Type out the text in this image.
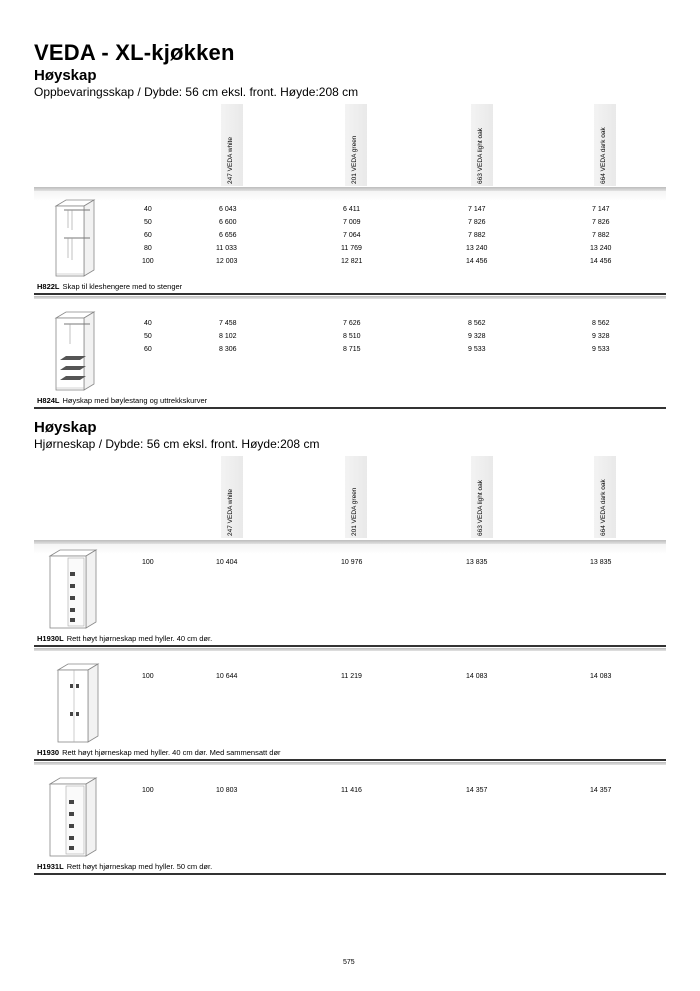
VEDA - XL-kjøkken
Høyskap
Oppbevaringsskap / Dybde: 56 cm eksl. front. Høyde:208 cm
247 VEDA white	201 VEDA green	663 VEDA light oak	664 VEDA dark oak
40	6 043	6 411	7 147	7 147
50	6 600	7 009	7 826	7 826
60	6 656	7 064	7 882	7 882
80	11 033	11 769	13 240	13 240
100	12 003	12 821	14 456	14 456
H822L Skap til kleshengere med to stenger
40	7 458	7 626	8 562	8 562
50	8 102	8 510	9 328	9 328
60	8 306	8 715	9 533	9 533
H824L Høyskap med bøylestang og uttrekkskurver
Høyskap
Hjørneskap / Dybde: 56 cm eksl. front. Høyde:208 cm
247 VEDA white	201 VEDA green	663 VEDA light oak	664 VEDA dark oak
100	10 404	10 976	13 835	13 835
H1930L Rett høyt hjørneskap med hyller. 40 cm dør.
100	10 644	11 219	14 083	14 083
H1930 Rett høyt hjørneskap med hyller. 40 cm dør. Med sammensatt dør
100	10 803	11 416	14 357	14 357
H1931L Rett høyt hjørneskap med hyller. 50 cm dør.
575
